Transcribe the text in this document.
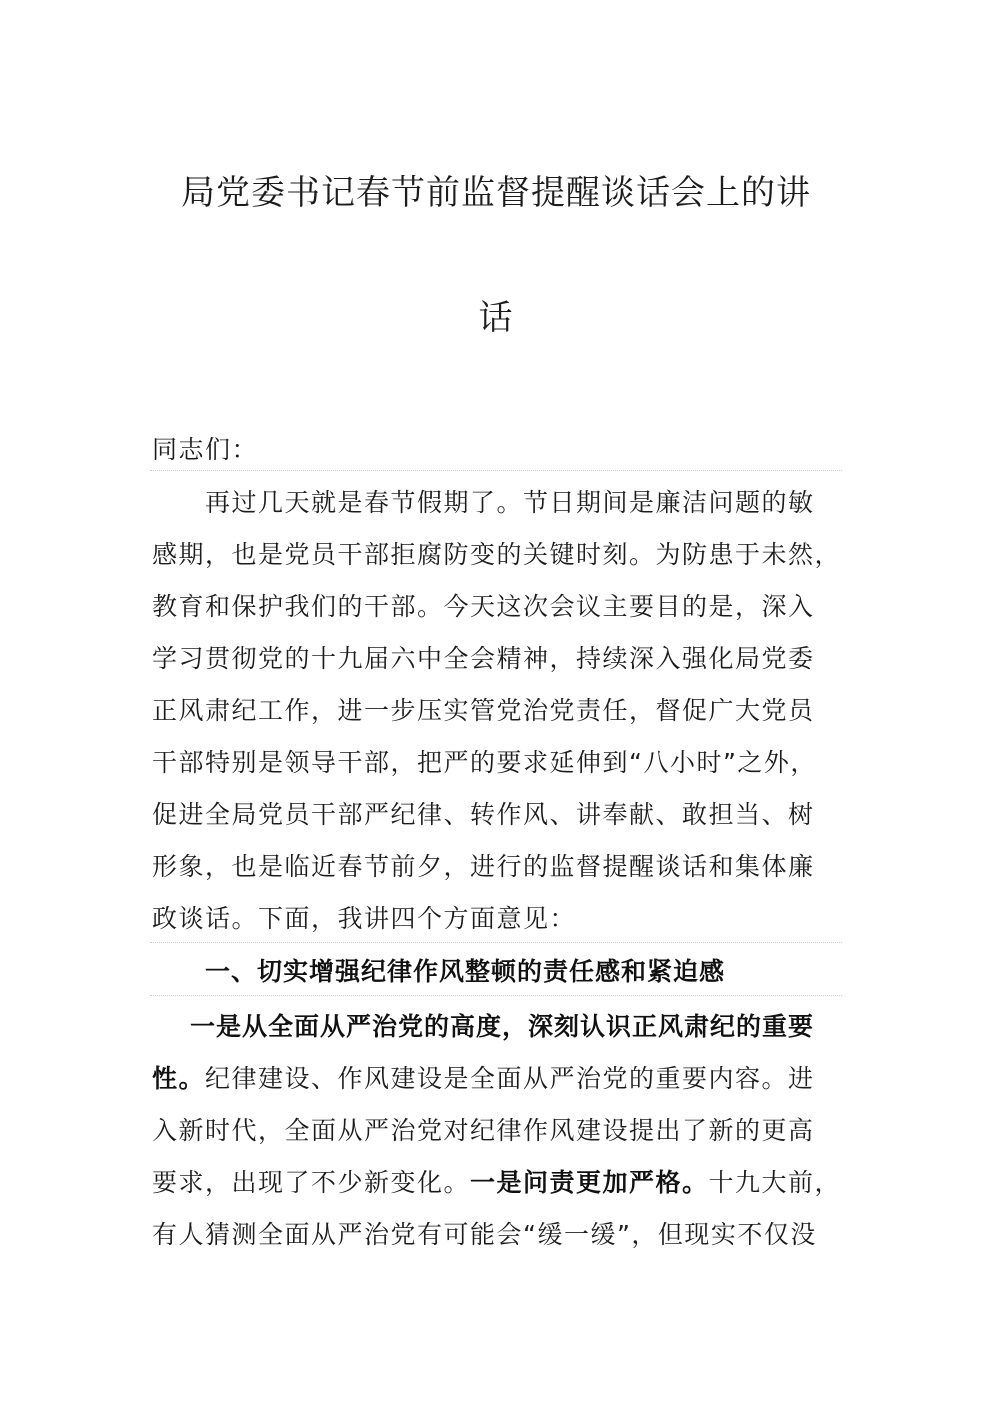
局党委书记春节前监督提醒谈话会上的讲
话
同志们：
再过几天就是春节假期了。节日期间是廉洁问题的敏
感期，也是党员干部拒腐防变的关键时刻。为防患于未然，
教育和保护我们的干部。今天这次会议主要目的是，深入
学习贯彻党的十九届六中全会精神，持续深入强化局党委
正风肃纪工作，进一步压实管党治党责任，督促广大党员
干部特别是领导干部，把严的要求延伸到“八小时”之外，
促进全局党员干部严纪律、转作风、讲奉献、敢担当、树
形象，也是临近春节前夕，进行的监督提醒谈话和集体廉
政谈话。下面，我讲四个方面意见：
一、切实增强纪律作风整顿的责任感和紧迫感
一是从全面从严治党的高度，深刻认识正风肃纪的重要
性。纪律建设、作风建设是全面从严治党的重要内容。进
入新时代，全面从严治党对纪律作风建设提出了新的更高
要求，出现了不少新变化。一是问责更加严格。十九大前，
有人猜测全面从严治党有可能会“缓一缓”，但现实不仅没
